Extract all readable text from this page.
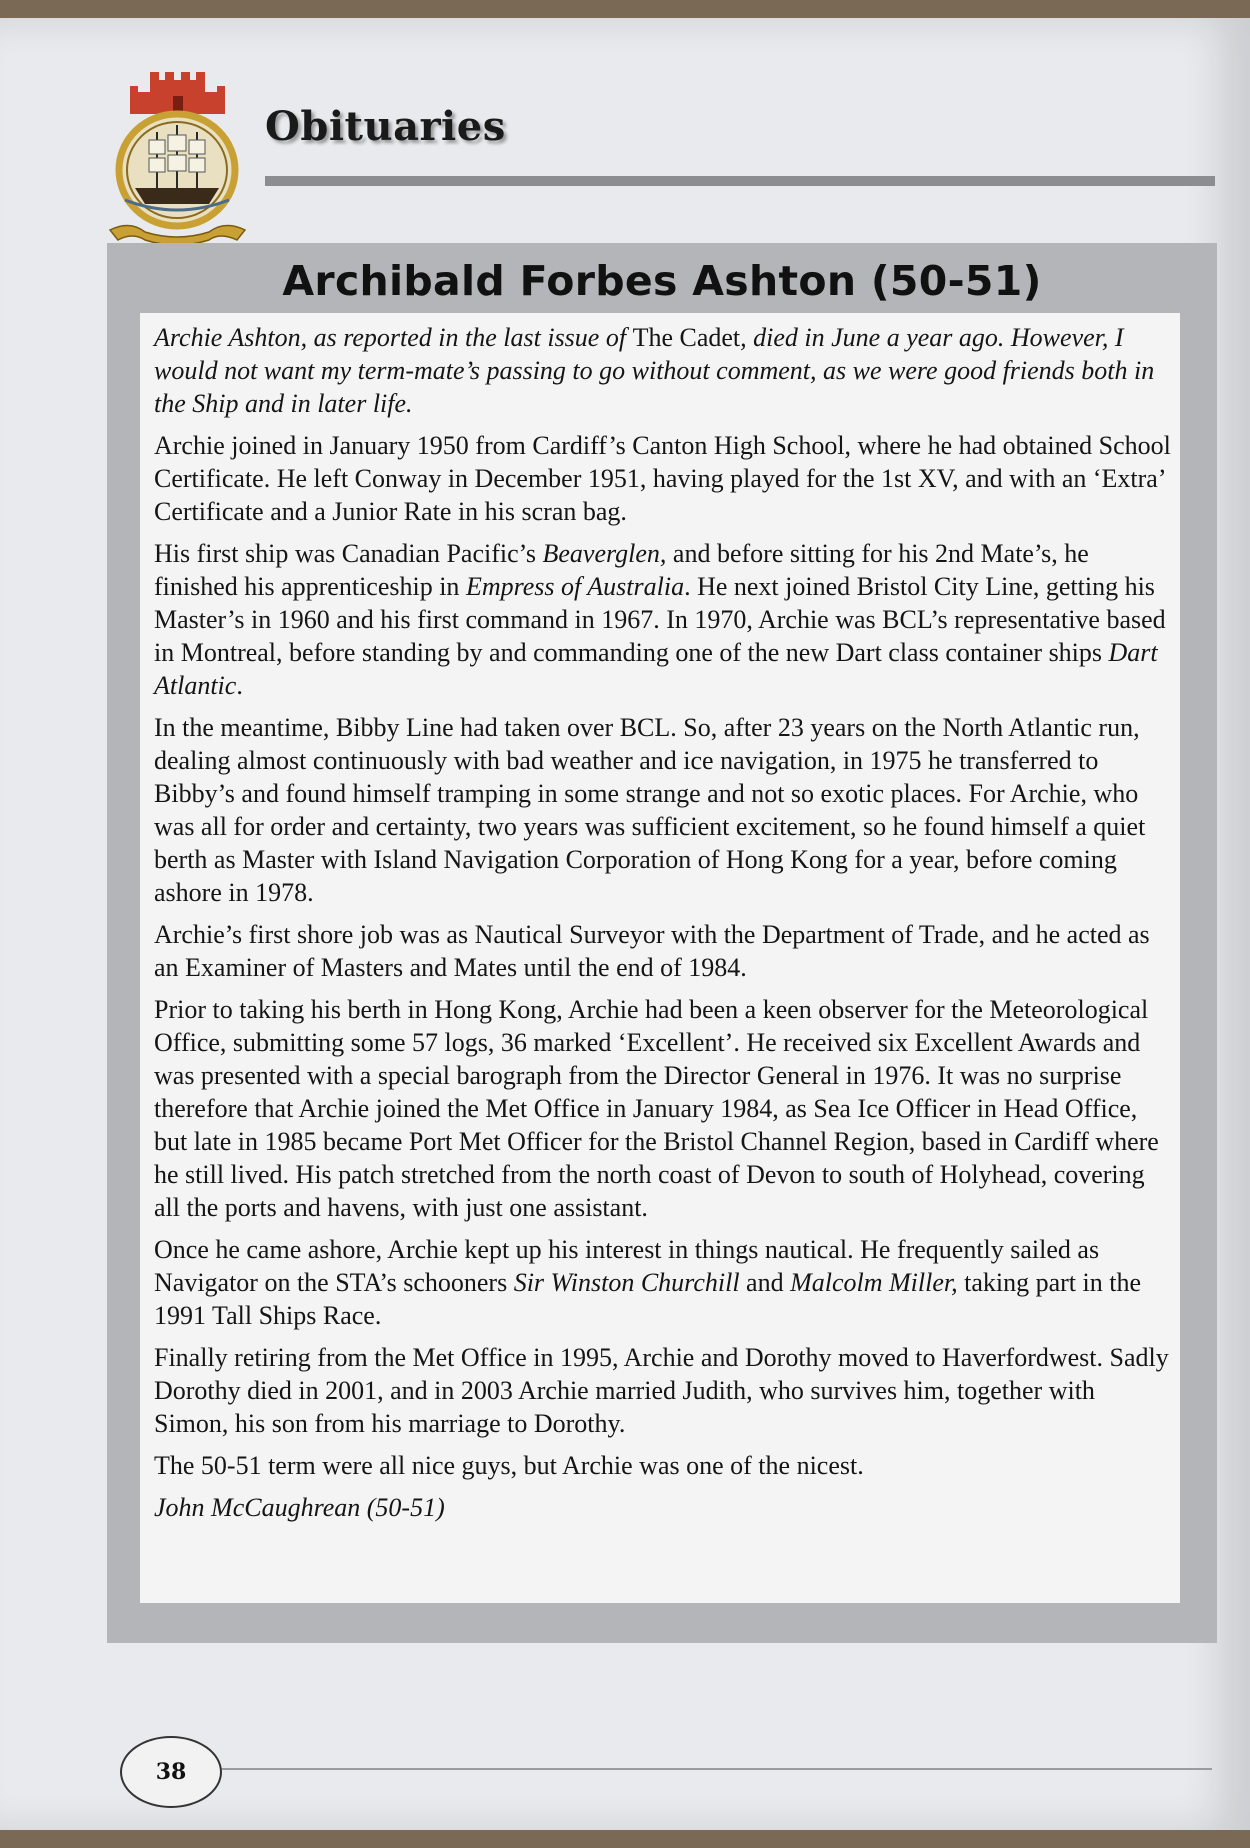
Obituaries
Archibald Forbes Ashton (50-51)

Archie Ashton, as reported in the last issue of The Cadet, died in June a year ago. However, I would not want my term-mate’s passing to go without comment, as we were good friends both in the Ship and in later life.

Archie joined in January 1950 from Cardiff’s Canton High School, where he had obtained School Certificate. He left Conway in December 1951, having played for the 1st XV, and with an ‘Extra’ Certificate and a Junior Rate in his scran bag.

His first ship was Canadian Pacific’s Beaverglen, and before sitting for his 2nd Mate’s, he finished his apprenticeship in Empress of Australia. He next joined Bristol City Line, getting his Master’s in 1960 and his first command in 1967. In 1970, Archie was BCL’s representative based in Montreal, before standing by and commanding one of the new Dart class container ships Dart Atlantic.

In the meantime, Bibby Line had taken over BCL. So, after 23 years on the North Atlantic run, dealing almost continuously with bad weather and ice navigation, in 1975 he transferred to Bibby’s and found himself tramping in some strange and not so exotic places. For Archie, who was all for order and certainty, two years was sufficient excitement, so he found himself a quiet berth as Master with Island Navigation Corporation of Hong Kong for a year, before coming ashore in 1978.

Archie’s first shore job was as Nautical Surveyor with the Department of Trade, and he acted as an Examiner of Masters and Mates until the end of 1984.

Prior to taking his berth in Hong Kong, Archie had been a keen observer for the Meteorological Office, submitting some 57 logs, 36 marked ‘Excellent’. He received six Excellent Awards and was presented with a special barograph from the Director General in 1976. It was no surprise therefore that Archie joined the Met Office in January 1984, as Sea Ice Officer in Head Office, but late in 1985 became Port Met Officer for the Bristol Channel Region, based in Cardiff where he still lived. His patch stretched from the north coast of Devon to south of Holyhead, covering all the ports and havens, with just one assistant.

Once he came ashore, Archie kept up his interest in things nautical. He frequently sailed as Navigator on the STA’s schooners Sir Winston Churchill and Malcolm Miller, taking part in the 1991 Tall Ships Race.

Finally retiring from the Met Office in 1995, Archie and Dorothy moved to Haverfordwest. Sadly Dorothy died in 2001, and in 2003 Archie married Judith, who survives him, together with Simon, his son from his marriage to Dorothy.

The 50-51 term were all nice guys, but Archie was one of the nicest.

John McCaughrean (50-51)

38
